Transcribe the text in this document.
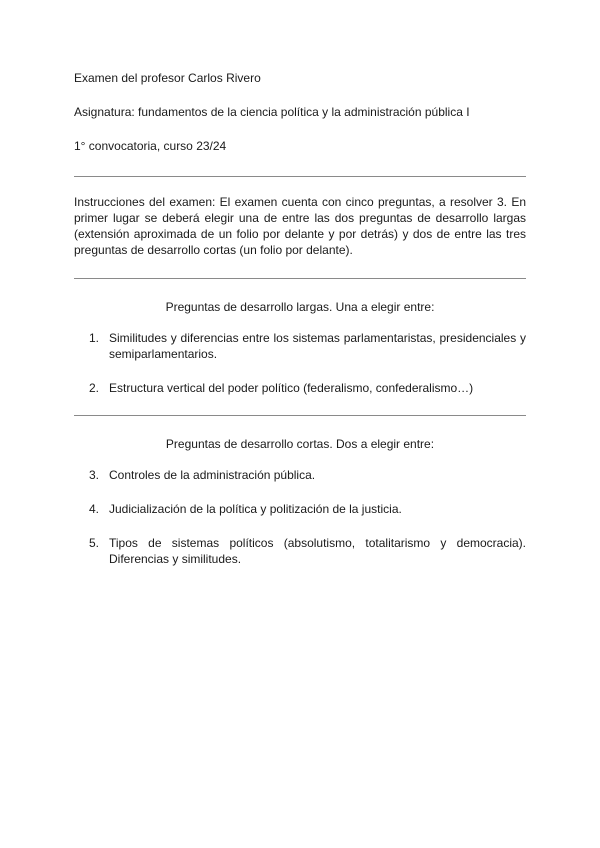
Examen del profesor Carlos Rivero

Asignatura: fundamentos de la ciencia política y la administración pública I

1° convocatoria, curso 23/24

Instrucciones del examen: El examen cuenta con cinco preguntas, a resolver 3. En primer lugar se deberá elegir una de entre las dos preguntas de desarrollo largas (extensión aproximada de un folio por delante y por detrás) y dos de entre las tres preguntas de desarrollo cortas (un folio por delante).

Preguntas de desarrollo largas. Una a elegir entre:

1. Similitudes y diferencias entre los sistemas parlamentaristas, presidenciales y semiparlamentarios.
2. Estructura vertical del poder político (federalismo, confederalismo…)

Preguntas de desarrollo cortas. Dos a elegir entre:

3. Controles de la administración pública.
4. Judicialización de la política y politización de la justicia.
5. Tipos de sistemas políticos (absolutismo, totalitarismo y democracia). Diferencias y similitudes.
